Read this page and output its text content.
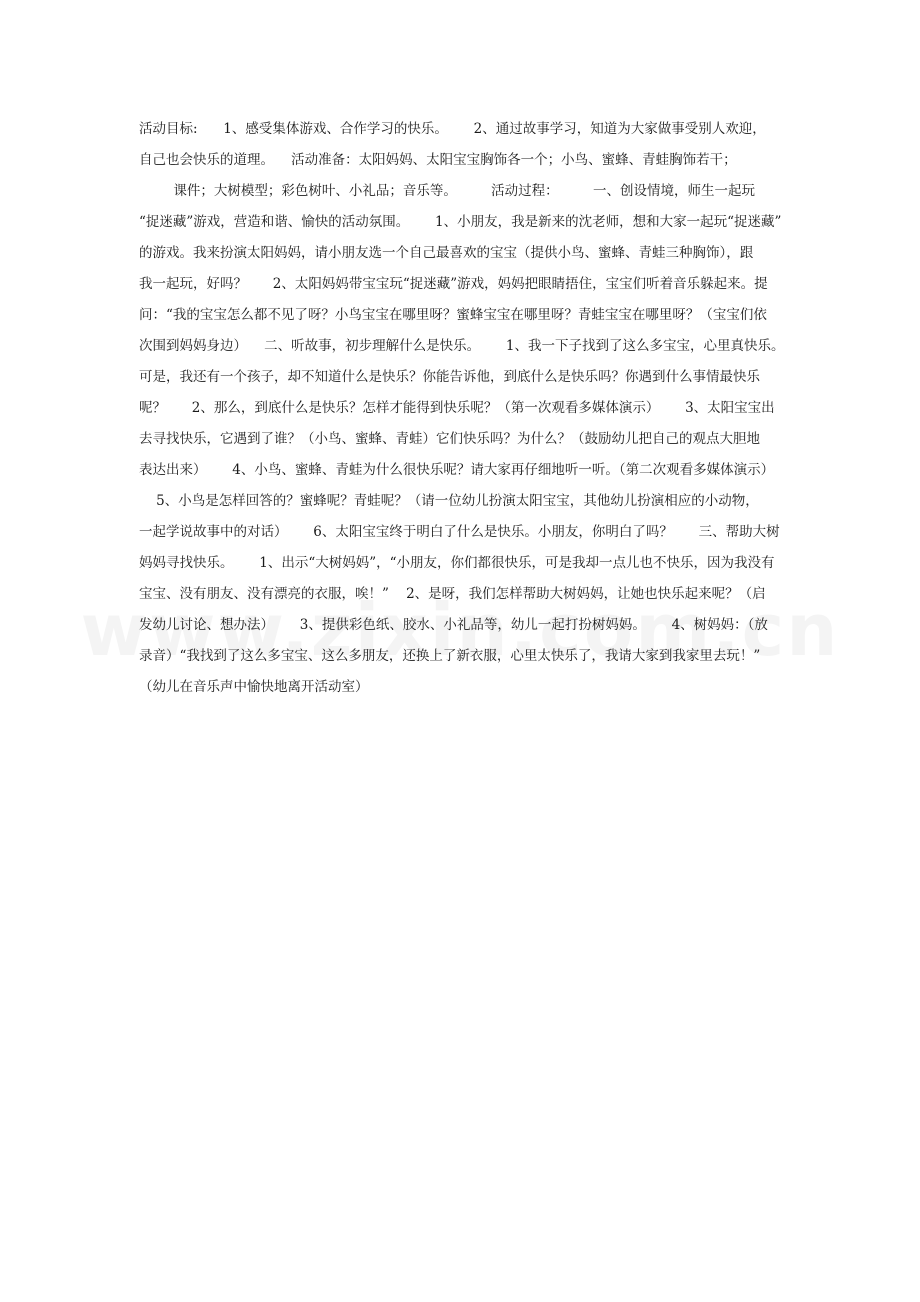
活动目标:      1、感受集体游戏、合作学习的快乐。      2、通过故事学习，知道为大家做事受别人欢迎，
自己也会快乐的道理。    活动准备：太阳妈妈、太阳宝宝胸饰各一个；小鸟、蜜蜂、青蛙胸饰若干；
课件；大树模型；彩色树叶、小礼品；音乐等。        活动过程：        一、创设情境，师生一起玩
“捉迷藏”游戏，营造和谐、愉快的活动氛围。      1、小朋友，我是新来的沈老师，想和大家一起玩“捉迷藏”
的游戏。我来扮演太阳妈妈，请小朋友选一个自己最喜欢的宝宝（提供小鸟、蜜蜂、青蛙三种胸饰），跟
我一起玩，好吗？      2、太阳妈妈带宝宝玩“捉迷藏”游戏，妈妈把眼睛捂住，宝宝们听着音乐躲起来。提
问：“我的宝宝怎么都不见了呀？小鸟宝宝在哪里呀？蜜蜂宝宝在哪里呀？青蛙宝宝在哪里呀？（宝宝们依
次围到妈妈身边）    二、听故事，初步理解什么是快乐。      1、我一下子找到了这么多宝宝，心里真快乐。
可是，我还有一个孩子，却不知道什么是快乐？你能告诉他，到底什么是快乐吗？你遇到什么事情最快乐
呢？      2、那么，到底什么是快乐？怎样才能得到快乐呢？（第一次观看多媒体演示）      3、太阳宝宝出
去寻找快乐，它遇到了谁？（小鸟、蜜蜂、青蛙）它们快乐吗？为什么？（鼓励幼儿把自己的观点大胆地
表达出来）      4、小鸟、蜜蜂、青蛙为什么很快乐呢？请大家再仔细地听一听。（第二次观看多媒体演示）
5、小鸟是怎样回答的？蜜蜂呢？青蛙呢？（请一位幼儿扮演太阳宝宝，其他幼儿扮演相应的小动物，
一起学说故事中的对话）      6、太阳宝宝终于明白了什么是快乐。小朋友，你明白了吗？      三、帮助大树
妈妈寻找快乐。      1、出示“大树妈妈”，“小朋友，你们都很快乐，可是我却一点儿也不快乐，因为我没有
宝宝、没有朋友、没有漂亮的衣服，唉！”    2、是呀，我们怎样帮助大树妈妈，让她也快乐起来呢？（启
发幼儿讨论、想办法）      3、提供彩色纸、胶水、小礼品等，幼儿一起打扮树妈妈。      4、树妈妈：（放
录音）“我找到了这么多宝宝、这么多朋友，还换上了新衣服，心里太快乐了，我请大家到我家里去玩！”
（幼儿在音乐声中愉快地离开活动室）
